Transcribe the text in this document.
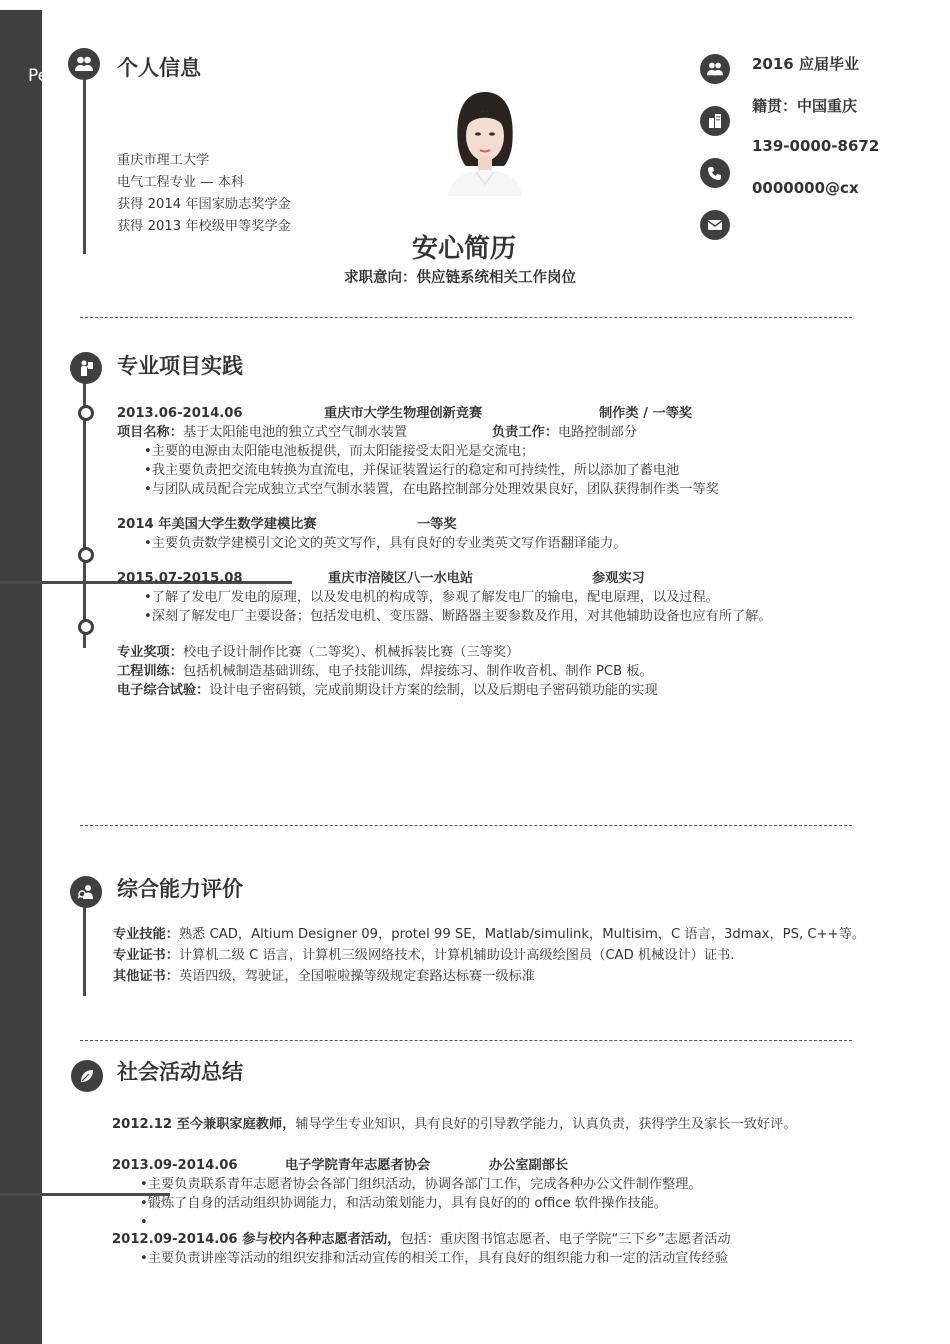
Pe	个人信息
重庆市理工大学
电气工程专业 — 本科
获得 2014 年国家励志奖学金
获得 2013 年校级甲等奖学金
安心简历
求职意向：供应链系统相关工作岗位
2016 应届毕业
籍贯：中国重庆
139-0000-8672
0000000@cx
专业项目实践
2013.06-2014.06	重庆市大学生物理创新竞赛	制作类 / 一等奖
项目名称：基于太阳能电池的独立式空气制水装置	负责工作：电路控制部分
•主要的电源由太阳能电池板提供，而太阳能接受太阳光是交流电；
•我主要负责把交流电转换为直流电，并保证装置运行的稳定和可持续性，所以添加了蓄电池
•与团队成员配合完成独立式空气制水装置，在电路控制部分处理效果良好，团队获得制作类一等奖
2014 年美国大学生数学建模比赛	一等奖
•主要负责数学建模引文论文的英文写作，具有良好的专业类英文写作语翻译能力。
2015.07-2015.08	重庆市涪陵区八一水电站	参观实习
•了解了发电厂发电的原理，以及发电机的构成等，参观了解发电厂的输电，配电原理，以及过程。
•深刻了解发电厂主要设备；包括发电机、变压器、断路器主要参数及作用，对其他辅助设备也应有所了解。
专业奖项：校电子设计制作比赛（二等奖）、机械拆装比赛（三等奖）
工程训练：包括机械制造基础训练，电子技能训练，焊接练习、制作收音机、制作 PCB 板。
电子综合试验：设计电子密码锁，完成前期设计方案的绘制，以及后期电子密码锁功能的实现
综合能力评价
专业技能：熟悉 CAD，Altium Designer 09，protel 99 SE，Matlab/simulink，Multisim，C 语言，3dmax，PS, C++等。
专业证书：计算机二级 C 语言，计算机三级网络技术，计算机辅助设计高级绘图员（CAD 机械设计）证书.
其他证书：英语四级，驾驶证，全国啦啦操等级规定套路达标赛一级标准
社会活动总结
2012.12 至今兼职家庭教师，辅导学生专业知识，具有良好的引导教学能力，认真负责，获得学生及家长一致好评。
2013.09-2014.06	电子学院青年志愿者协会	办公室副部长
•主要负责联系青年志愿者协会各部门组织活动，协调各部门工作，完成各种办公文件制作整理。
•锻炼了自身的活动组织协调能力，和活动策划能力，具有良好的的 office 软件操作技能。
•
2012.09-2014.06 参与校内各种志愿者活动，包括：重庆图书馆志愿者、电子学院“三下乡”志愿者活动
•主要负责讲座等活动的组织安排和活动宣传的相关工作，具有良好的组织能力和一定的活动宣传经验
